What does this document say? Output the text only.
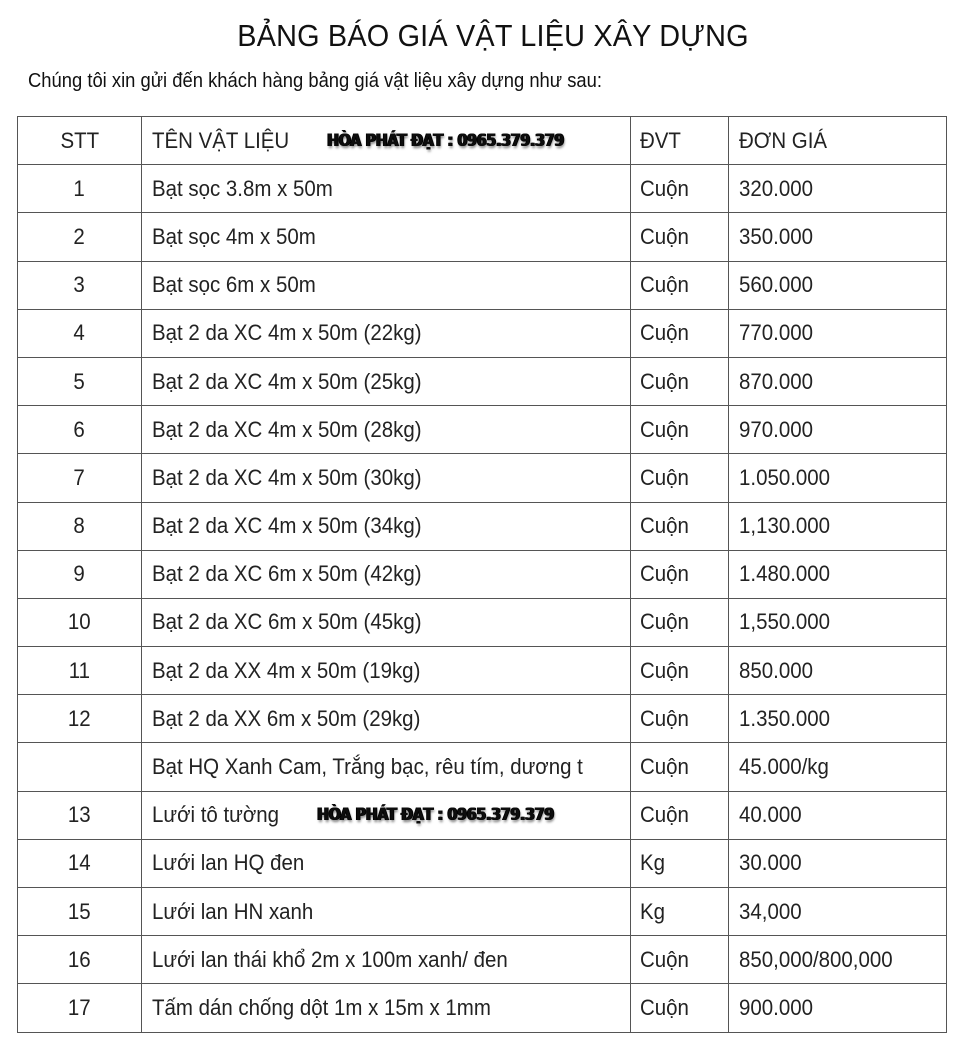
BẢNG BÁO GIÁ VẬT LIỆU XÂY DỰNG
Chúng tôi xin gửi đến khách hàng bảng giá vật liệu xây dựng như sau:
STT	TÊN VẬT LIỆU HÒA PHÁT ĐẠT : 0965.379.379	ĐVT	ĐƠN GIÁ
1	Bạt sọc 3.8m x 50m	Cuộn	320.000
2	Bạt sọc 4m x 50m	Cuộn	350.000
3	Bạt sọc 6m x 50m	Cuộn	560.000
4	Bạt 2 da XC 4m x 50m (22kg)	Cuộn	770.000
5	Bạt 2 da XC 4m x 50m (25kg)	Cuộn	870.000
6	Bạt 2 da XC 4m x 50m (28kg)	Cuộn	970.000
7	Bạt 2 da XC 4m x 50m (30kg)	Cuộn	1.050.000
8	Bạt 2 da XC 4m x 50m (34kg)	Cuộn	1,130.000
9	Bạt 2 da XC 6m x 50m (42kg)	Cuộn	1.480.000
10	Bạt 2 da XC 6m x 50m (45kg)	Cuộn	1,550.000
11	Bạt 2 da XX 4m x 50m (19kg)	Cuộn	850.000
12	Bạt 2 da XX 6m x 50m (29kg)	Cuộn	1.350.000
	Bạt HQ Xanh Cam, Trắng bạc, rêu tím, dương t	Cuộn	45.000/kg
13	Lưới tô tường HÒA PHÁT ĐẠT : 0965.379.379	Cuộn	40.000
14	Lưới lan HQ đen	Kg	30.000
15	Lưới lan HN xanh	Kg	34,000
16	Lưới lan thái khổ 2m x 100m xanh/ đen	Cuộn	850,000/800,000
17	Tấm dán chống dột 1m x 15m x 1mm	Cuộn	900.000
